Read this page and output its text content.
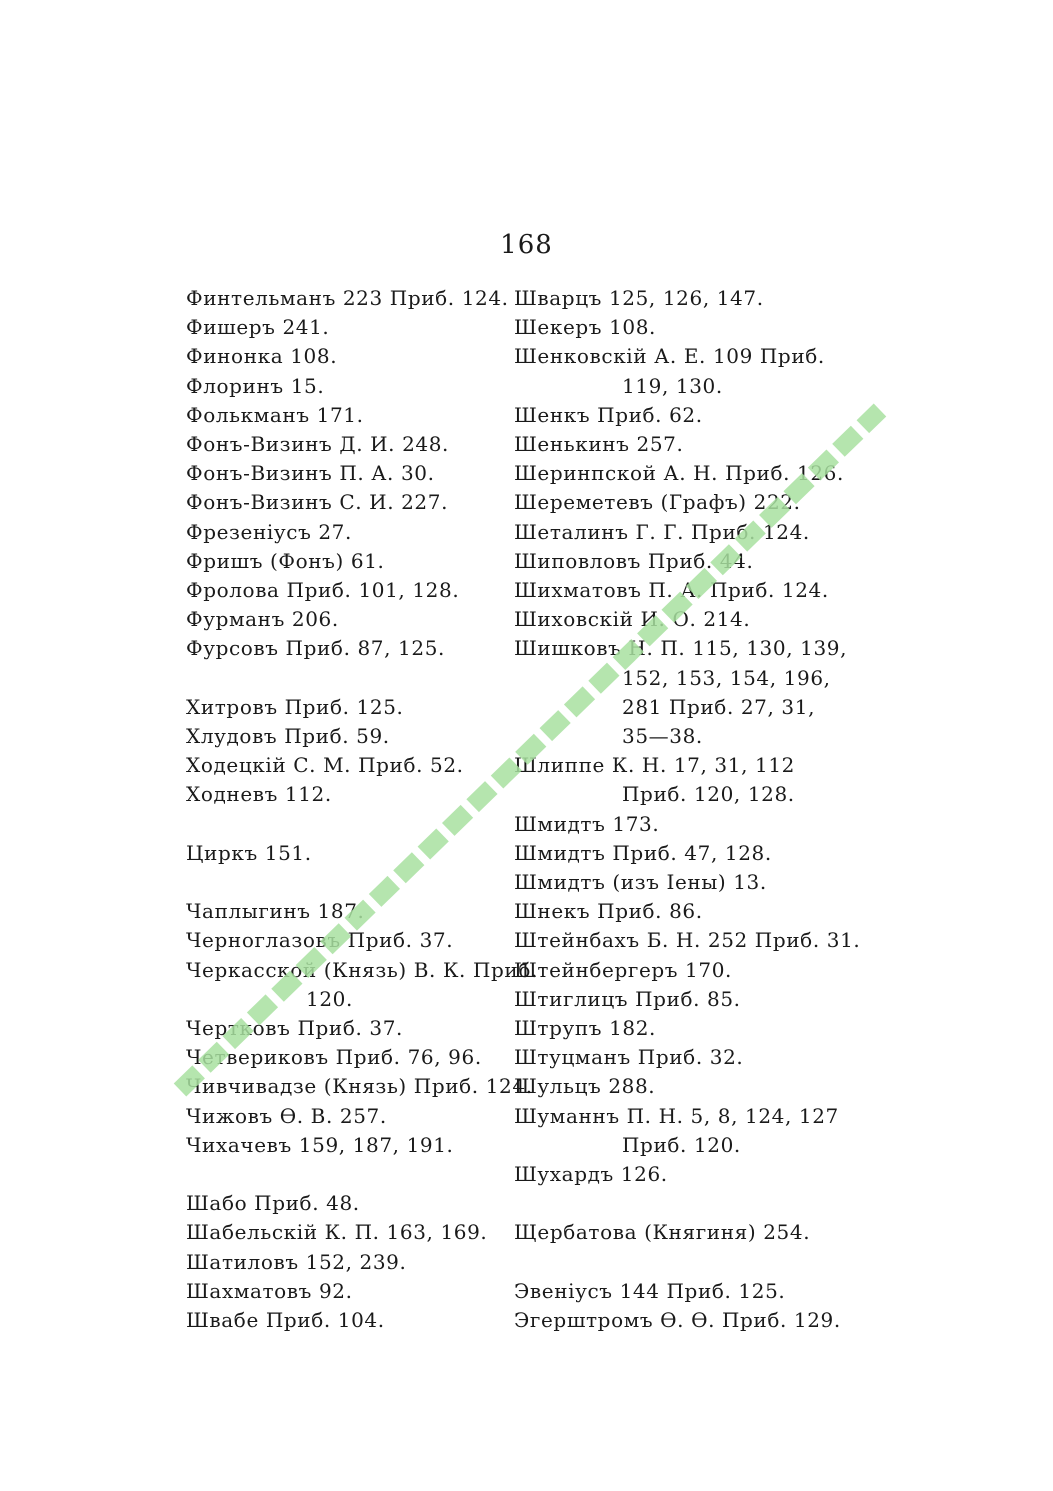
168
Финтельманъ 223 Приб. 124.
Фишеръ 241.
Финонка 108.
Флоринъ 15.
Фолькманъ 171.
Фонъ-Визинъ Д. И. 248.
Фонъ-Визинъ П. А. 30.
Фонъ-Визинъ С. И. 227.
Фрезеніусъ 27.
Фришъ (Фонъ) 61.
Фролова Приб. 101, 128.
Фурманъ 206.
Фурсовъ Приб. 87, 125.
Хитровъ Приб. 125.
Хлудовъ Приб. 59.
Ходецкій С. М. Приб. 52.
Ходневъ 112.
Циркъ 151.
Чаплыгинъ 187.
Черноглазовъ Приб. 37.
Черкасской (Князь) В. К. Приб.
120.
Чертковъ Приб. 37.
Четвериковъ Приб. 76, 96.
Чивчивадзе (Князь) Приб. 124.
Чижовъ Ѳ. В. 257.
Чихачевъ 159, 187, 191.
Шабо Приб. 48.
Шабельскій К. П. 163, 169.
Шатиловъ 152, 239.
Шахматовъ 92.
Швабе Приб. 104.
Шварцъ 125, 126, 147.
Шекеръ 108.
Шенковскій А. Е. 109 Приб.
119, 130.
Шенкъ Приб. 62.
Шенькинъ 257.
Шеринпской А. Н. Приб. 126.
Шереметевъ (Графъ) 222.
Шеталинъ Г. Г. Приб. 124.
Шиповловъ Приб. 44.
Шихматовъ П. А. Приб. 124.
Шиховскій И. О. 214.
Шишковъ Н. П. 115, 130, 139,
152, 153, 154, 196,
281 Приб. 27, 31,
35—38.
Шлиппе К. Н. 17, 31, 112
Приб. 120, 128.
Шмидтъ 173.
Шмидтъ Приб. 47, 128.
Шмидтъ (изъ Іены) 13.
Шнекъ Приб. 86.
Штейнбахъ Б. Н. 252 Приб. 31.
Штейнбергеръ 170.
Штиглицъ Приб. 85.
Штрупъ 182.
Штуцманъ Приб. 32.
Шульцъ 288.
Шуманнъ П. Н. 5, 8, 124, 127
Приб. 120.
Шухардъ 126.
Щербатова (Княгиня) 254.
Эвеніусъ 144 Приб. 125.
Эгерштромъ Ѳ. Ѳ. Приб. 129.
